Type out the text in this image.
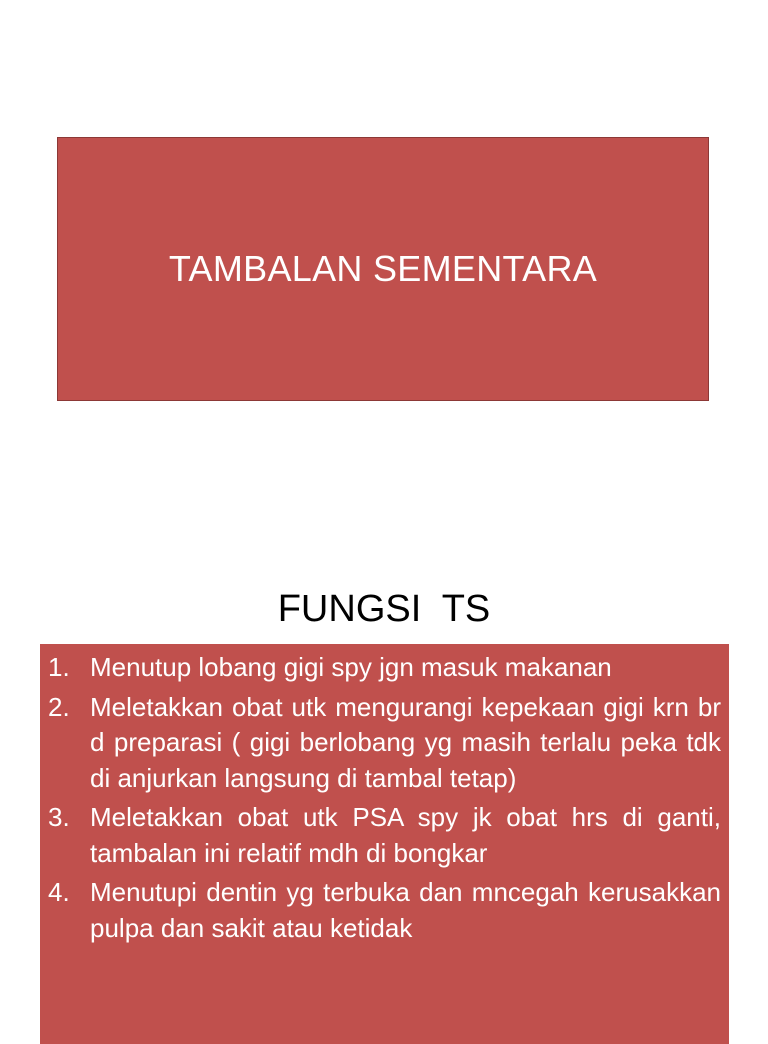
TAMBALAN SEMENTARA
FUNGSI  TS
1. Menutup lobang gigi spy jgn masuk makanan
2. Meletakkan obat utk mengurangi kepekaan gigi krn br d preparasi ( gigi berlobang yg masih terlalu peka tdk di anjurkan langsung di tambal tetap)
3. Meletakkan obat utk PSA spy jk obat hrs di ganti, tambalan ini relatif mdh di bongkar
4. Menutupi dentin yg terbuka dan mncegah kerusakkan pulpa dan sakit atau ketidak
